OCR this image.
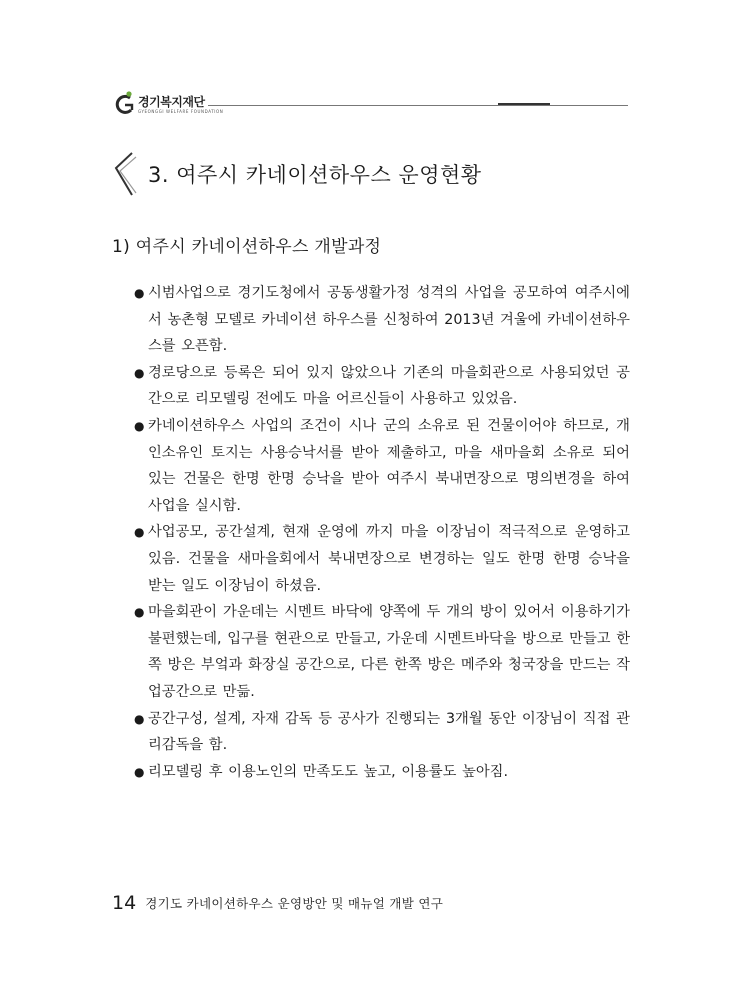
경기복지재단
GYEONGGI WELFARE FOUNDATION
3. 여주시 카네이션하우스 운영현황
1) 여주시 카네이션하우스 개발과정
● 시범사업으로 경기도청에서 공동생활가정 성격의 사업을 공모하여 여주시에서 농촌형 모델로 카네이션 하우스를 신청하여 2013년 겨울에 카네이션하우스를 오픈함.
● 경로당으로 등록은 되어 있지 않았으나 기존의 마을회관으로 사용되었던 공간으로 리모델링 전에도 마을 어르신들이 사용하고 있었음.
● 카네이션하우스 사업의 조건이 시나 군의 소유로 된 건물이어야 하므로, 개인소유인 토지는 사용승낙서를 받아 제출하고, 마을 새마을회 소유로 되어 있는 건물은 한명 한명 승낙을 받아 여주시 북내면장으로 명의변경을 하여 사업을 실시함.
● 사업공모, 공간설계, 현재 운영에 까지 마을 이장님이 적극적으로 운영하고 있음. 건물을 새마을회에서 북내면장으로 변경하는 일도 한명 한명 승낙을 받는 일도 이장님이 하셨음.
● 마을회관이 가운데는 시멘트 바닥에 양쪽에 두 개의 방이 있어서 이용하기가 불편했는데, 입구를 현관으로 만들고, 가운데 시멘트바닥을 방으로 만들고 한쪽 방은 부엌과 화장실 공간으로, 다른 한쪽 방은 메주와 청국장을 만드는 작업공간으로 만듦.
● 공간구성, 설계, 자재 감독 등 공사가 진행되는 3개월 동안 이장님이 직접 관리감독을 함.
● 리모델링 후 이용노인의 만족도도 높고, 이용률도 높아짐.
14 경기도 카네이션하우스 운영방안 및 매뉴얼 개발 연구
